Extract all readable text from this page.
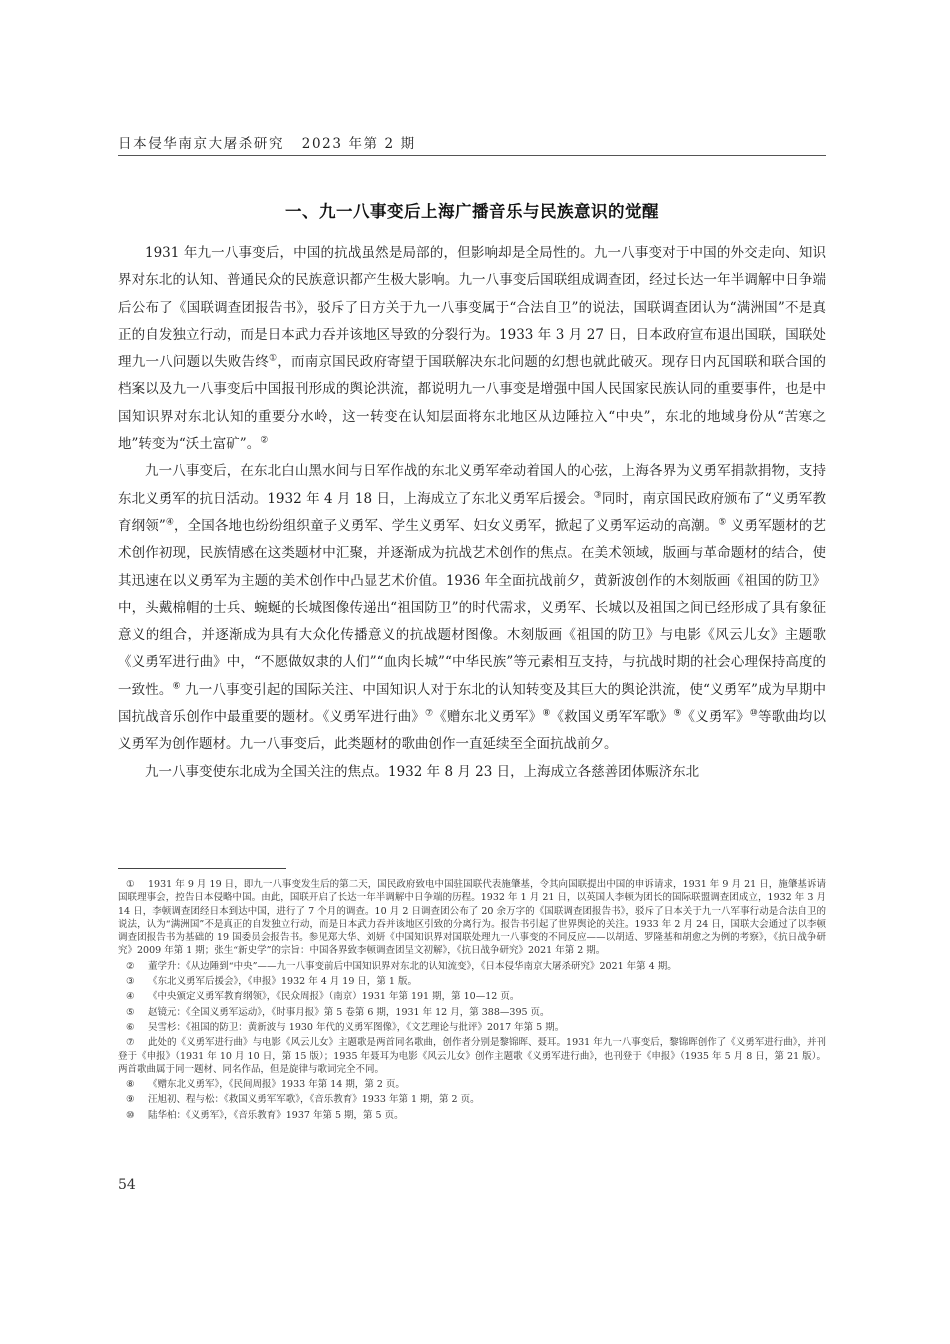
日本侵华南京大屠杀研究 2023 年第 2 期
一、九一八事变后上海广播音乐与民族意识的觉醒

1931 年九一八事变后，中国的抗战虽然是局部的，但影响却是全局性的。九一八事变对于中国的外交走向、知识界对东北的认知、普通民众的民族意识都产生极大影响。九一八事变后国联组成调查团，经过长达一年半调解中日争端后公布了《国联调查团报告书》，驳斥了日方关于九一八事变属于“合法自卫”的说法，国联调查团认为“满洲国”不是真正的自发独立行动，而是日本武力吞并该地区导致的分裂行为。1933 年 3 月 27 日，日本政府宣布退出国联，国联处理九一八问题以失败告终①，而南京国民政府寄望于国联解决东北问题的幻想也就此破灭。现存日内瓦国联和联合国的档案以及九一八事变后中国报刊形成的舆论洪流，都说明九一八事变是增强中国人民国家民族认同的重要事件，也是中国知识界对东北认知的重要分水岭，这一转变在认知层面将东北地区从边陲拉入“中央”，东北的地域身份从“苦寒之地”转变为“沃土富矿”。②

九一八事变后，在东北白山黑水间与日军作战的东北义勇军牵动着国人的心弦，上海各界为义勇军捐款捐物，支持东北义勇军的抗日活动。1932 年 4 月 18 日，上海成立了东北义勇军后援会。③同时，南京国民政府颁布了“义勇军教育纲领”④，全国各地也纷纷组织童子义勇军、学生义勇军、妇女义勇军，掀起了义勇军运动的高潮。⑤ 义勇军题材的艺术创作初现，民族情感在这类题材中汇聚，并逐渐成为抗战艺术创作的焦点。在美术领域，版画与革命题材的结合，使其迅速在以义勇军为主题的美术创作中凸显艺术价值。1936 年全面抗战前夕，黄新波创作的木刻版画《祖国的防卫》中，头戴棉帽的士兵、蜿蜒的长城图像传递出“祖国防卫”的时代需求，义勇军、长城以及祖国之间已经形成了具有象征意义的组合，并逐渐成为具有大众化传播意义的抗战题材图像。木刻版画《祖国的防卫》与电影《风云儿女》主题歌《义勇军进行曲》中，“不愿做奴隶的人们”“血肉长城”“中华民族”等元素相互支持，与抗战时期的社会心理保持高度的一致性。⑥ 九一八事变引起的国际关注、中国知识人对于东北的认知转变及其巨大的舆论洪流，使“义勇军”成为早期中国抗战音乐创作中最重要的题材。《义勇军进行曲》⑦《赠东北义勇军》⑧《救国义勇军军歌》⑨《义勇军》⑩等歌曲均以义勇军为创作题材。九一八事变后，此类题材的歌曲创作一直延续至全面抗战前夕。

九一八事变使东北成为全国关注的焦点。1932 年 8 月 23 日，上海成立各慈善团体赈济东北

① 1931 年 9 月 19 日，即九一八事变发生后的第二天，国民政府致电中国驻国联代表施肇基，令其向国联提出中国的申诉请求，1931 年 9 月 21 日，施肇基诉请国联理事会，控告日本侵略中国。由此，国联开启了长达一年半调解中日争端的历程。1932 年 1 月 21 日，以英国人李顿为团长的国际联盟调查团成立，1932 年 3 月 14 日，李顿调查团经日本到达中国，进行了 7 个月的调查。10 月 2 日调查团公布了 20 余万字的《国联调查团报告书》，驳斥了日本关于九一八军事行动是合法自卫的说法，认为“满洲国”不是真正的自发独立行动，而是日本武力吞并该地区引致的分离行为。报告书引起了世界舆论的关注。1933 年 2 月 24 日，国联大会通过了以李顿调查团报告书为基础的 19 国委员会报告书。参见郑大华、刘妍《中国知识界对国联处理九一八事变的不同反应——以胡适、罗隆基和胡愈之为例的考察》，《抗日战争研究》2009 年第 1 期；张生“新史学”的宗旨：中国各界致李顿调查团呈文初解》，《抗日战争研究》2021 年第 2 期。
② 董学升：《从边陲到“中央”——九一八事变前后中国知识界对东北的认知流变》，《日本侵华南京大屠杀研究》2021 年第 4 期。
③ 《东北义勇军后援会》，《申报》1932 年 4 月 19 日，第 1 版。
④ 《中央颁定义勇军教育纲领》，《民众周报》（南京）1931 年第 191 期，第 10—12 页。
⑤ 赵镜元：《全国义勇军运动》，《时事月报》第 5 卷第 6 期，1931 年 12 月，第 388—395 页。
⑥ 吴雪杉：《祖国的防卫：黄新波与 1930 年代的义勇军图像》，《文艺理论与批评》2017 年第 5 期。
⑦ 此处的《义勇军进行曲》与电影《风云儿女》主题歌是两首同名歌曲，创作者分别是黎锦晖、聂耳。1931 年九一八事变后，黎锦晖创作了《义勇军进行曲》，并刊登于《申报》（1931 年 10 月 10 日，第 15 版）；1935 年聂耳为电影《风云儿女》创作主题歌《义勇军进行曲》，也刊登于《申报》（1935 年 5 月 8 日，第 21 版）。两首歌曲属于同一题材、同名作品，但是旋律与歌词完全不同。
⑧ 《赠东北义勇军》，《民间周报》1933 年第 14 期，第 2 页。
⑨ 汪旭初、程与松：《救国义勇军军歌》，《音乐教育》1933 年第 1 期，第 2 页。
⑩ 陆华柏：《义勇军》，《音乐教育》1937 年第 5 期，第 5 页。
54
